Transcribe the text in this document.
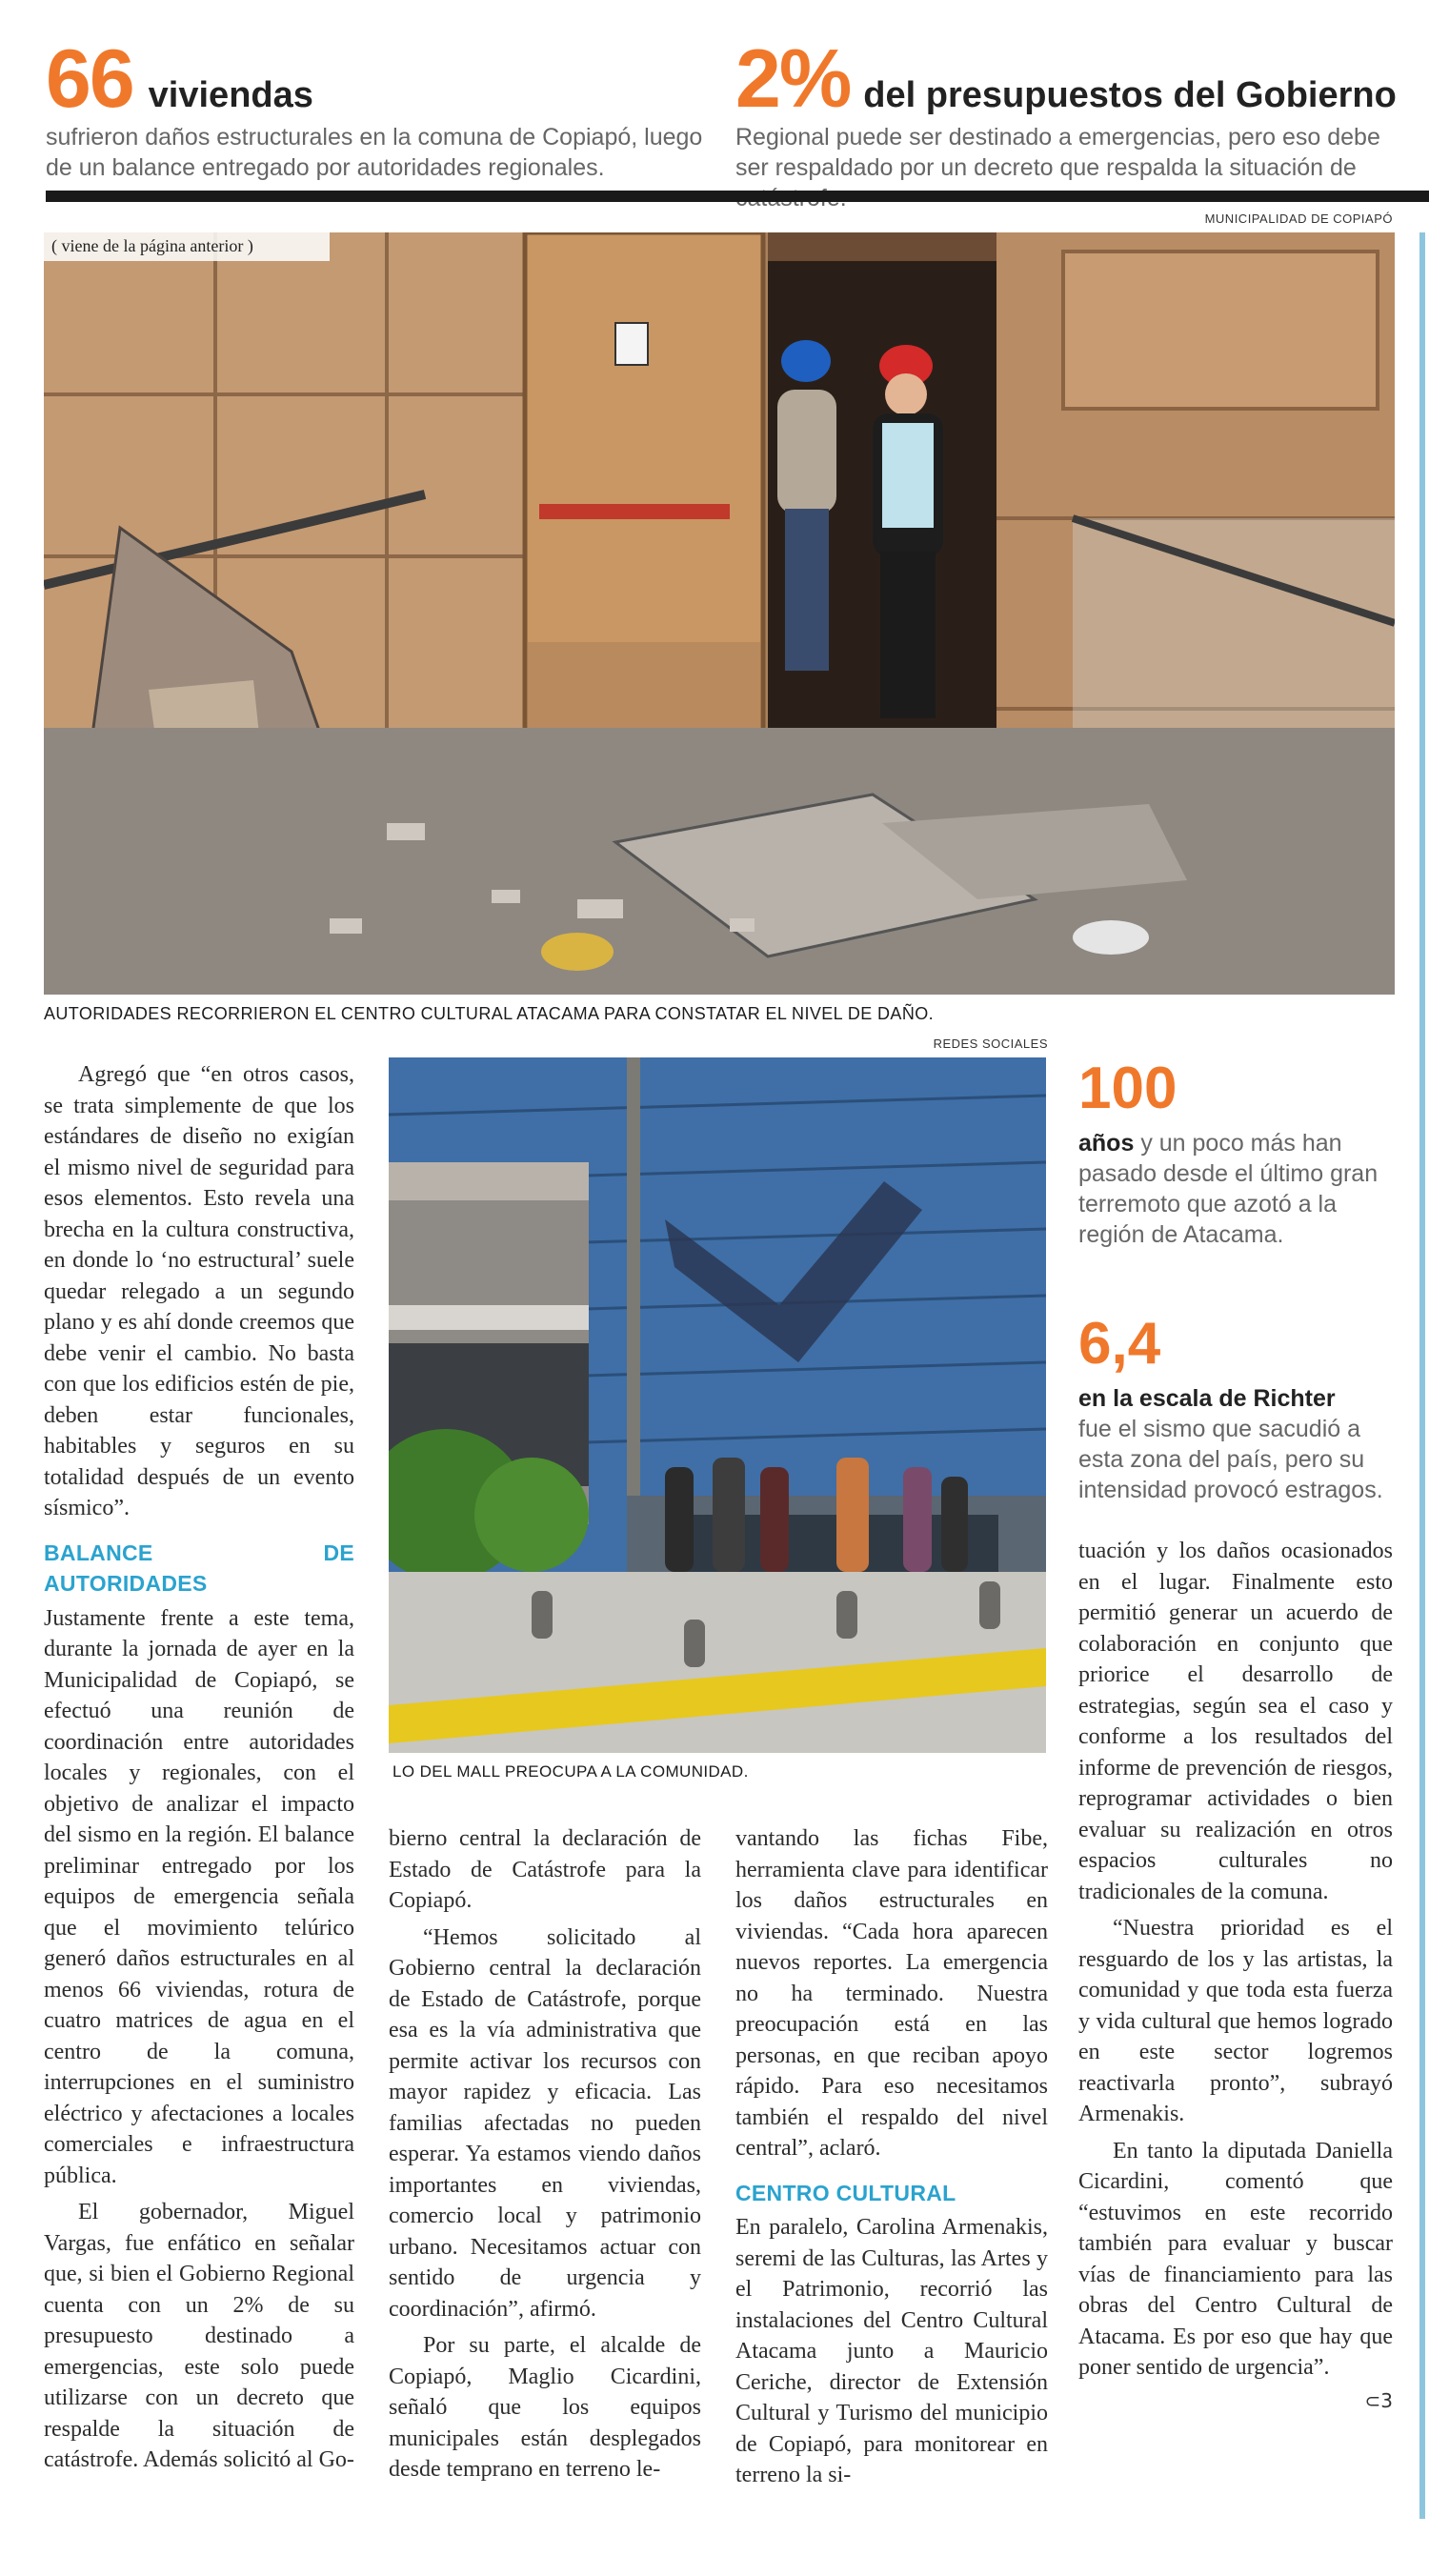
66 viviendas
sufrieron daños estructurales en la comuna de Copiapó, luego de un balance entregado por autoridades regionales.
2% del presupuestos del Gobierno
Regional puede ser destinado a emergencias, pero eso debe ser respaldado por un decreto que respalda la situación de
MUNICIPALIDAD DE COPIAPÓ
( viene de la página anterior )
AUTORIDADES RECORRIERON EL CENTRO CULTURAL ATACAMA PARA CONSTATAR EL NIVEL DE DAÑO.
REDES SOCIALES
LO DEL MALL PREOCUPA A LA COMUNIDAD.
100
años y un poco más han pasado desde el último gran terremoto que azotó a la región de Atacama.
6,4
en la escala de Richter
fue el sismo que sacudió a esta zona del país, pero su intensidad provocó estragos.

Agregó que “en otros casos, se trata simplemente de que los estándares de diseño no exigían el mismo nivel de seguridad para esos elementos. Esto revela una brecha en la cultura constructiva, en donde lo ‘no estructural’ suele quedar relegado a un segundo plano y es ahí donde creemos que debe venir el cambio. No basta con que los edificios estén de pie, deben estar funcionales, habitables y seguros en su totalidad después de un evento sísmico”.

BALANCE DE AUTORIDADES

Justamente frente a este tema, durante la jornada de ayer en la Municipalidad de Copiapó, se efectuó una reunión de coordinación entre autoridades locales y regionales, con el objetivo de analizar el impacto del sismo en la región. El balance preliminar entregado por los equipos de emergencia señala que el movimiento telúrico generó daños estructurales en al menos 66 viviendas, rotura de cuatro matrices de agua en el centro de la comuna, interrupciones en el suministro eléctrico y afectaciones a locales comerciales e infraestructura pública.

El gobernador, Miguel Vargas, fue enfático en señalar que, si bien el Gobierno Regional cuenta con un 2% de su presupuesto destinado a emergencias, este solo puede utilizarse con un decreto que respalde la situación de catástrofe. Además solicitó al Go-

bierno central la declaración de Estado de Catástrofe para la Copiapó.

“Hemos solicitado al Gobierno central la declaración de Estado de Catástrofe, porque esa es la vía administrativa que permite activar los recursos con mayor rapidez y eficacia. Las familias afectadas no pueden esperar. Ya estamos viendo daños importantes en viviendas, comercio local y patrimonio urbano. Necesitamos actuar con sentido de urgencia y coordinación”, afirmó.

Por su parte, el alcalde de Copiapó, Maglio Cicardini, señaló que los equipos municipales están desplegados desde temprano en terreno le-

vantando las fichas Fibe, herramienta clave para identificar los daños estructurales en viviendas. “Cada hora aparecen nuevos reportes. La emergencia no ha terminado. Nuestra preocupación está en las personas, en que reciban apoyo rápido. Para eso necesitamos también el respaldo del nivel central”, aclaró.

CENTRO CULTURAL

En paralelo, Carolina Armenakis, seremi de las Culturas, las Artes y el Patrimonio, recorrió las instalaciones del Centro Cultural Atacama junto a Mauricio Ceriche, director de Extensión Cultural y Turismo del municipio de Copiapó, para monitorear en terreno la si-

tuación y los daños ocasionados en el lugar. Finalmente esto permitió generar un acuerdo de colaboración en conjunto que priorice el desarrollo de estrategias, según sea el caso y conforme a los resultados del informe de prevención de riesgos, reprogramar actividades o bien evaluar su realización en otros espacios culturales no tradicionales de la comuna.

“Nuestra prioridad es el resguardo de los y las artistas, la comunidad y que toda esta fuerza y vida cultural que hemos logrado en este sector logremos reactivarla pronto”, subrayó Armenakis.

En tanto la diputada Daniella Cicardini, comentó que “estuvimos en este recorrido también para evaluar y buscar vías de financiamiento para las obras del Centro Cultural de Atacama. Es por eso que hay que poner sentido de urgencia”.

⊂3
